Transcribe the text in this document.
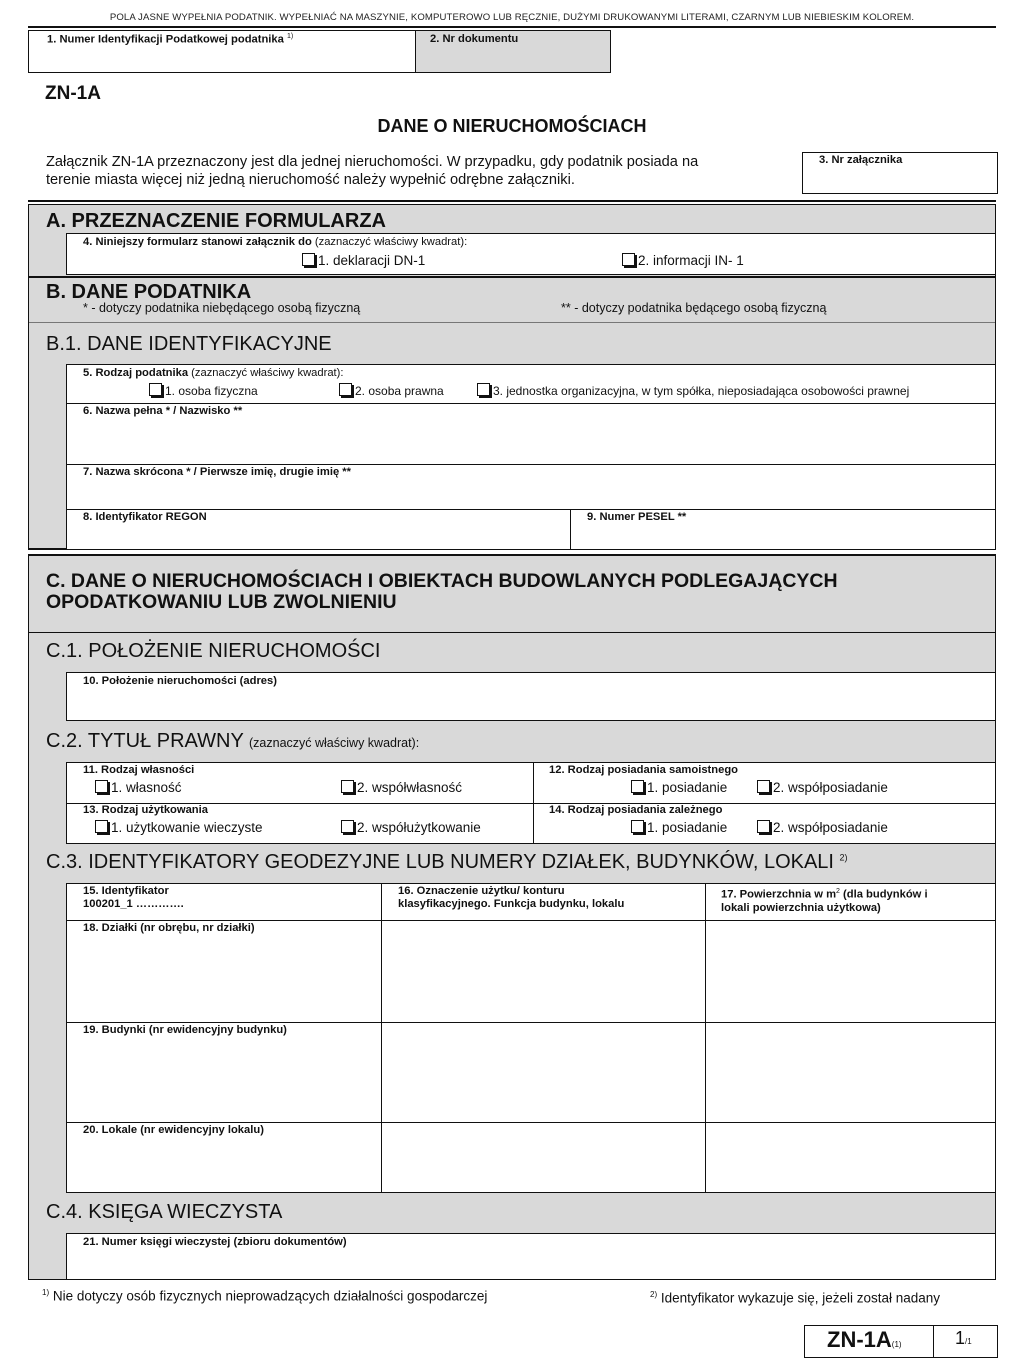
POLA JASNE WYPEŁNIA PODATNIK. WYPEŁNIAĆ NA MASZYNIE, KOMPUTEROWO LUB RĘCZNIE, DUŻYMI DRUKOWANYMI LITERAMI, CZARNYM LUB NIEBIESKIM KOLOREM.
1. Numer Identyfikacji Podatkowej podatnika $^{1)}$	2. Nr dokumentu
ZN-1A
DANE O NIERUCHOMOŚCIACH
Załącznik ZN-1A przeznaczony jest dla jednej nieruchomości. W przypadku, gdy podatnik posiada na
terenie miasta więcej niż jedną nieruchomość należy wypełnić odrębne załączniki.
3. Nr załącznika
A. PRZEZNACZENIE FORMULARZA
4. Niniejszy formularz stanowi załącznik do (zaznaczyć właściwy kwadrat):
1. deklaracji DN-1	2. informacji IN- 1
B. DANE PODATNIKA
* - dotyczy podatnika niebędącego osobą fizyczną	** - dotyczy podatnika będącego osobą fizyczną
B.1. DANE IDENTYFIKACYJNE
5. Rodzaj podatnika (zaznaczyć właściwy kwadrat):
1. osoba fizyczna	2. osoba prawna	3. jednostka organizacyjna, w tym spółka, nieposiadająca osobowości prawnej
6. Nazwa pełna * / Nazwisko **
7. Nazwa skrócona * / Pierwsze imię, drugie imię **
8. Identyfikator REGON	9. Numer PESEL **
C. DANE O NIERUCHOMOŚCIACH I OBIEKTACH BUDOWLANYCH PODLEGAJĄCYCH
OPODATKOWANIU LUB ZWOLNIENIU
C.1. POŁOŻENIE NIERUCHOMOŚCI
10. Położenie nieruchomości (adres)
C.2. TYTUŁ PRAWNY (zaznaczyć właściwy kwadrat):
11. Rodzaj własności
1. własność	2. współwłasność
12. Rodzaj posiadania samoistnego
1. posiadanie	2. współposiadanie
13. Rodzaj użytkowania
1. użytkowanie wieczyste	2. współużytkowanie
14. Rodzaj posiadania zależnego
1. posiadanie	2. współposiadanie
C.3. IDENTYFIKATORY GEODEZYJNE LUB NUMERY DZIAŁEK, BUDYNKÓW, LOKALI $^{2)}$
15. Identyfikator
100201_1 ………….
16. Oznaczenie użytku/ konturu
klasyfikacyjnego. Funkcja budynku, lokalu
17. Powierzchnia w $m^2$ (dla budynków i
lokali powierzchnia użytkowa)
18. Działki (nr obrębu, nr działki)
19. Budynki (nr ewidencyjny budynku)
20. Lokale (nr ewidencyjny lokalu)
C.4. KSIĘGA WIECZYSTA
21. Numer księgi wieczystej (zbioru dokumentów)
$^{1)}$ Nie dotyczy osób fizycznych nieprowadzących działalności gospodarczej	$^{2)}$ Identyfikator wykazuje się, jeżeli został nadany
ZN-1A(1)	1/1
